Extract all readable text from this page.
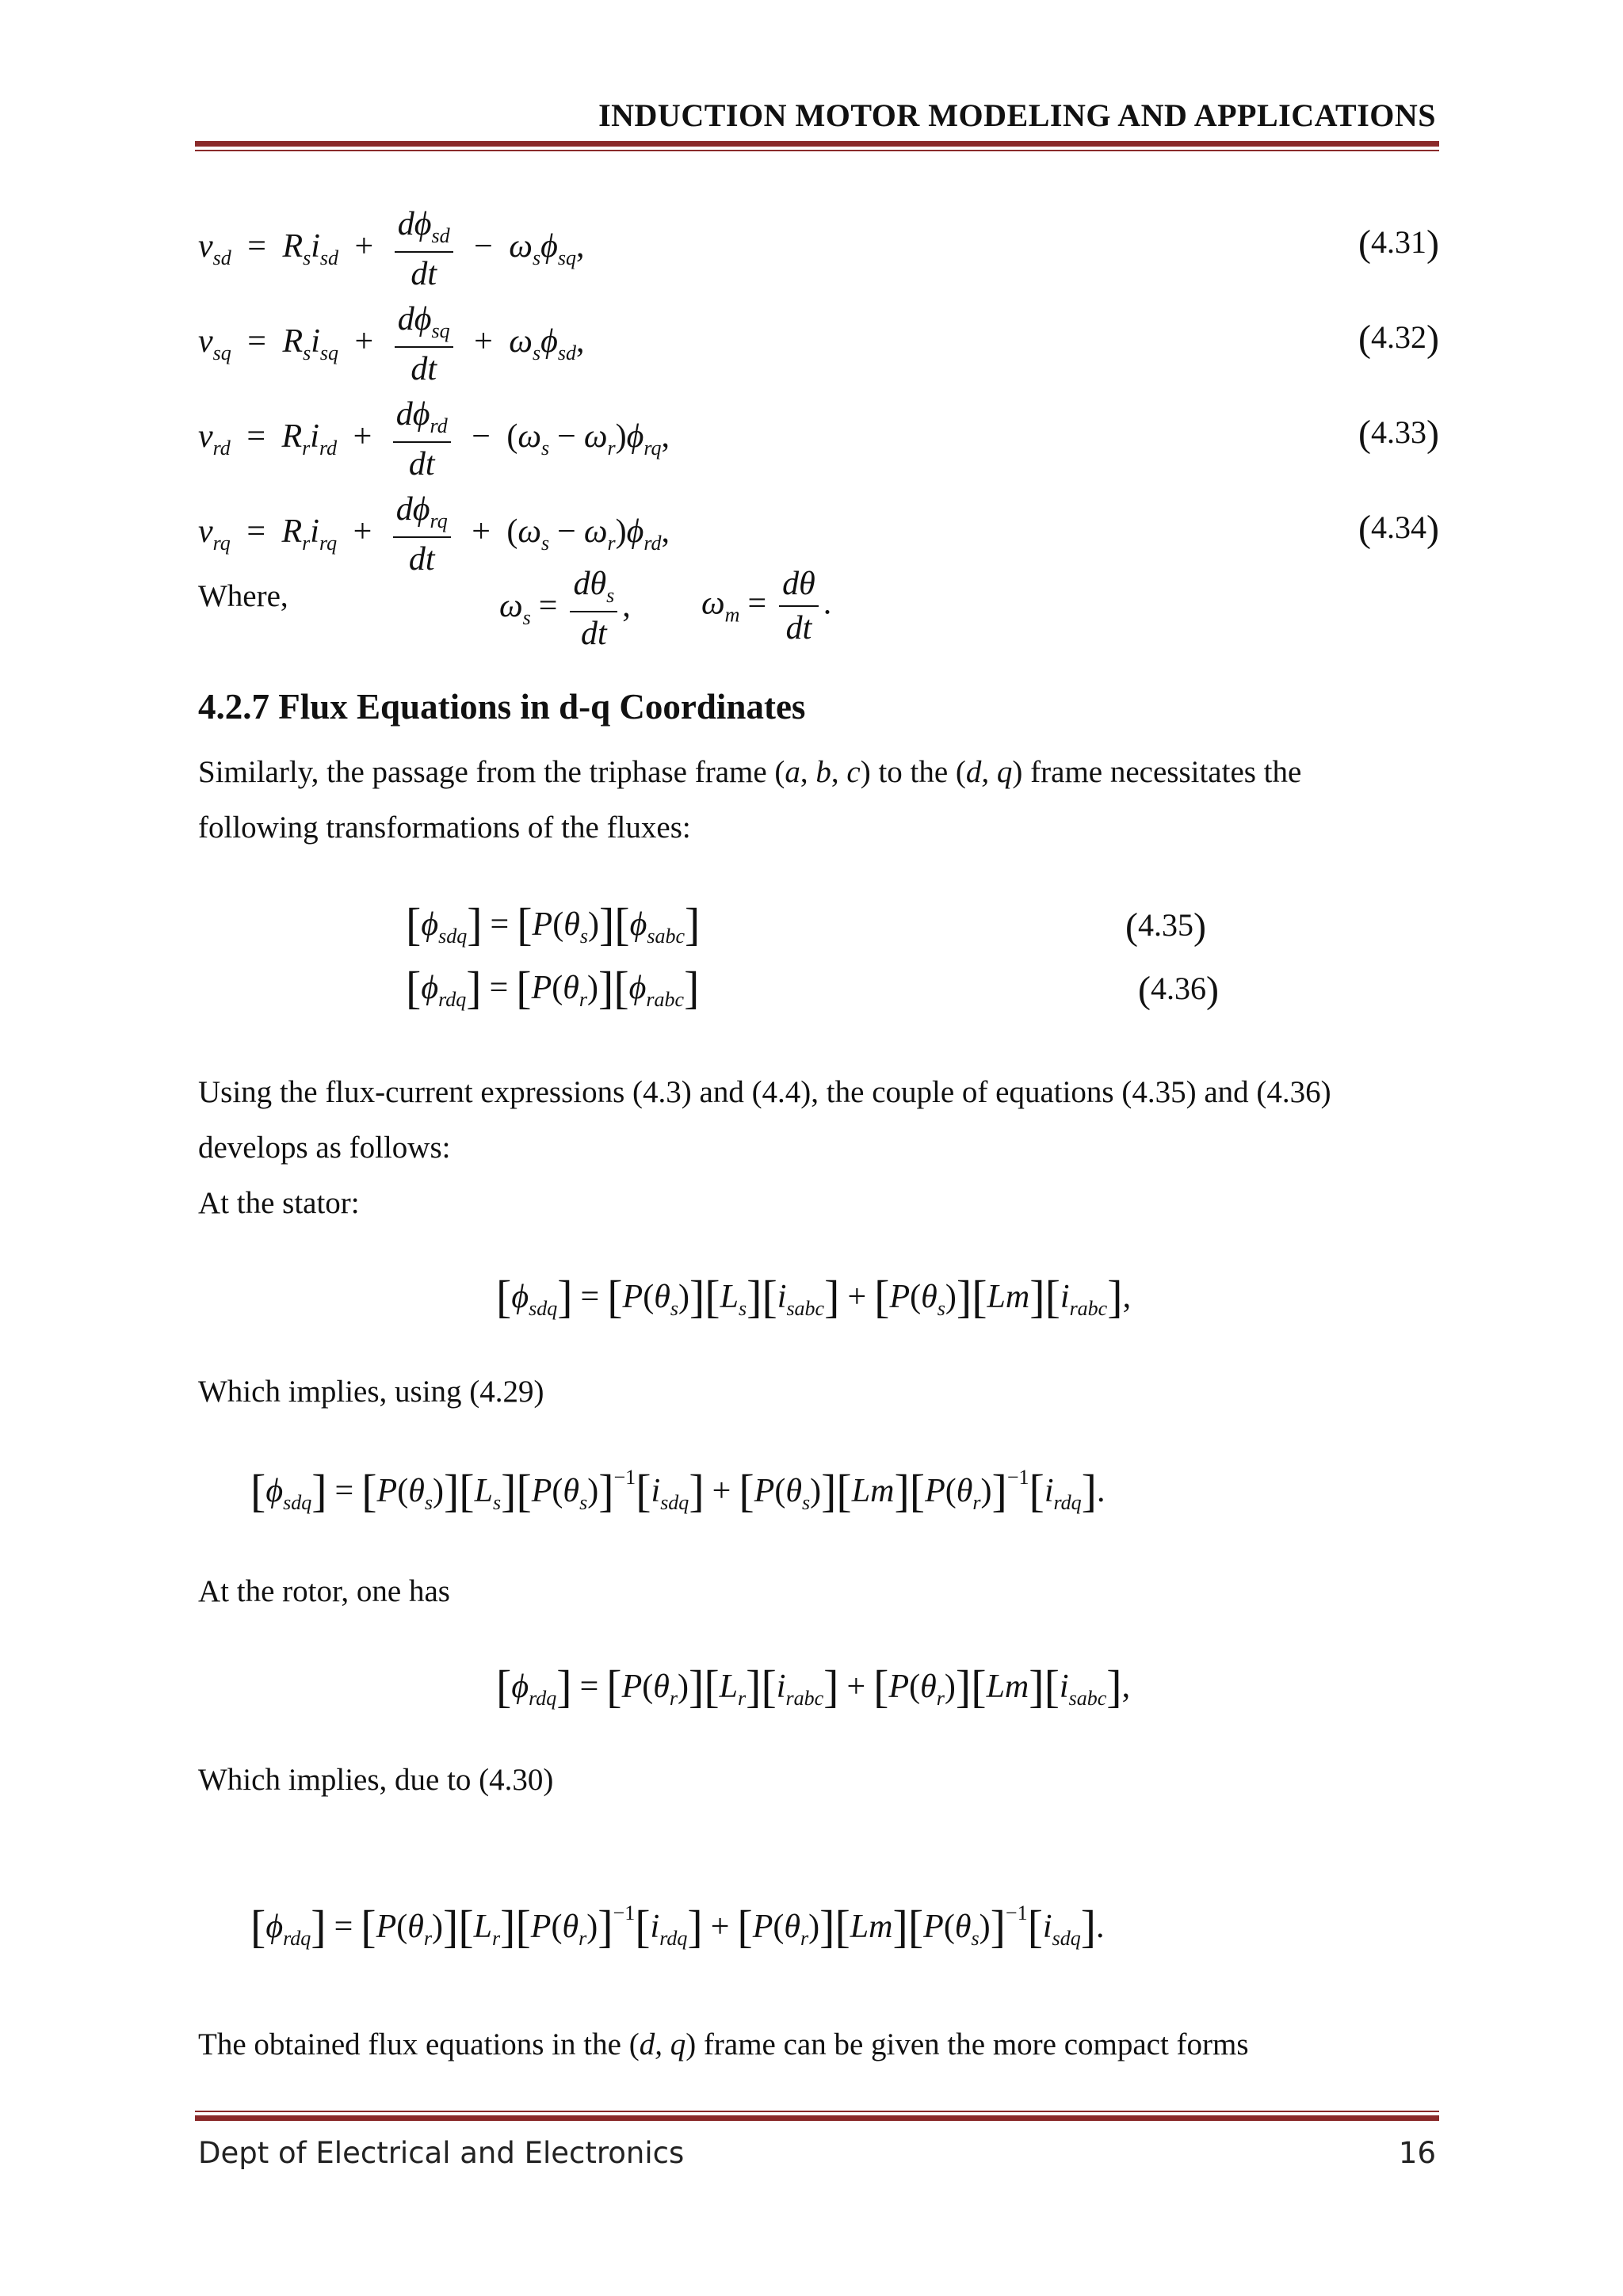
INDUCTION MOTOR MODELING AND APPLICATIONS
$v_{sd} = R_si_{sd} + \frac{d\phi_{sd}}{dt} - \omega_s\phi_{sq}$,	(4.31)
$v_{sq} = R_si_{sq} + \frac{d\phi_{sq}}{dt} + \omega_s\phi_{sd}$,	(4.32)
$v_{rd} = R_ri_{rd} + \frac{d\phi_{rd}}{dt} - (\omega_s - \omega_r)\phi_{rq}$,	(4.33)
$v_{rq} = R_ri_{rq} + \frac{d\phi_{rq}}{dt} + (\omega_s - \omega_r)\phi_{rd}$,	(4.34)
Where,	$\omega_s = \frac{d\theta_s}{dt}$ , $\omega_m = \frac{d\theta}{dt}$ .
4.2.7 Flux Equations in d-q Coordinates
Similarly, the passage from the triphase frame (a, b, c) to the (d, q) frame necessitates the
following transformations of the fluxes:
$[\phi_{sdq}] = [P(\theta_s)][\phi_{sabc}]$	(4.35)
$[\phi_{rdq}] = [P(\theta_r)][\phi_{rabc}]$	(4.36)
Using the flux-current expressions (4.3) and (4.4), the couple of equations (4.35) and (4.36)
develops as follows:
At the stator:
$[\phi_{sdq}] = [P(\theta_s)][L_s][i_{sabc}] + [P(\theta_s)][Lm][i_{rabc}]$,
Which implies, using (4.29)
$[\phi_{sdq}] = [P(\theta_s)][L_s][P(\theta_s)]^{-1}[i_{sdq}] + [P(\theta_s)][Lm][P(\theta_r)]^{-1}[i_{rdq}]$.
At the rotor, one has
$[\phi_{rdq}] = [P(\theta_r)][L_r][i_{rabc}] + [P(\theta_r)][Lm][i_{sabc}]$,
Which implies, due to (4.30)
$[\phi_{rdq}] = [P(\theta_r)][L_r][P(\theta_r)]^{-1}[i_{rdq}] + [P(\theta_r)][Lm][P(\theta_s)]^{-1}[i_{sdq}]$.
The obtained flux equations in the (d, q) frame can be given the more compact forms
Dept of Electrical and Electronics	16
